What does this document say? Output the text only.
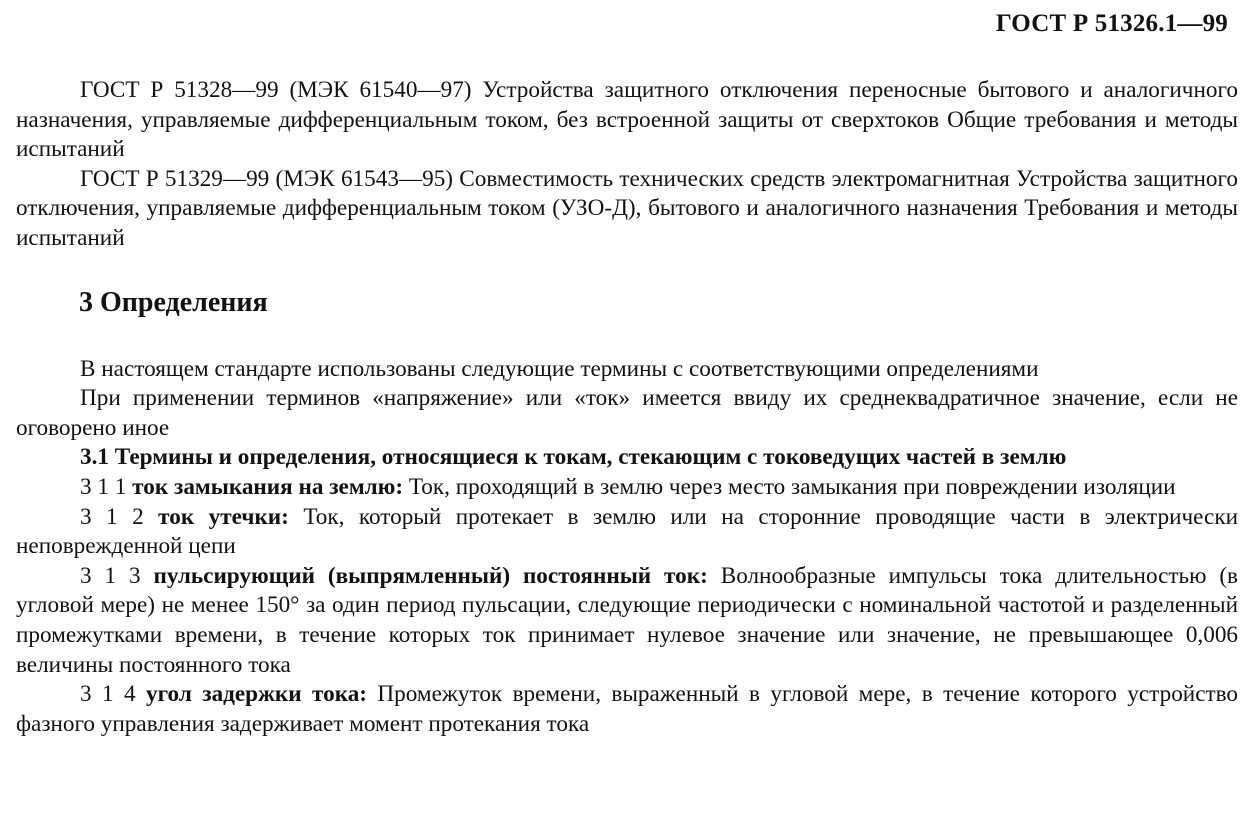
ГОСТ Р 51326.1—99

ГОСТ Р 51328—99 (МЭК 61540—97) Устройства защитного отключения переносные бытового и аналогичного назначения, управляемые дифференциальным током, без встроенной защиты от сверхтоков Общие требования и методы испытаний

ГОСТ Р 51329—99 (МЭК 61543—95) Совместимость технических средств электромагнитная Устройства защитного отключения, управляемые дифференциальным током (УЗО-Д), бытового и аналогичного назначения Требования и методы испытаний

3 Определения

В настоящем стандарте использованы следующие термины с соответствующими определениями

При применении терминов «напряжение» или «ток» имеется ввиду их среднеквадратичное значение, если не оговорено иное

3.1 Термины и определения, относящиеся к токам, стекающим с токоведущих частей в землю

3 1 1 ток замыкания на землю: Ток, проходящий в землю через место замыкания при повреждении изоляции

3 1 2 ток утечки: Ток, который протекает в землю или на сторонние проводящие части в электрически неповрежденной цепи

3 1 3 пульсирующий (выпрямленный) постоянный ток: Волнообразные импульсы тока длительностью (в угловой мере) не менее 150° за один период пульсации, следующие периодически с номинальной частотой и разделенный промежутками времени, в течение которых ток принимает нулевое значение или значение, не превышающее 0,006 величины постоянного тока

3 1 4 угол задержки тока: Промежуток времени, выраженный в угловой мере, в течение которого устройство фазного управления задерживает момент протекания тока
